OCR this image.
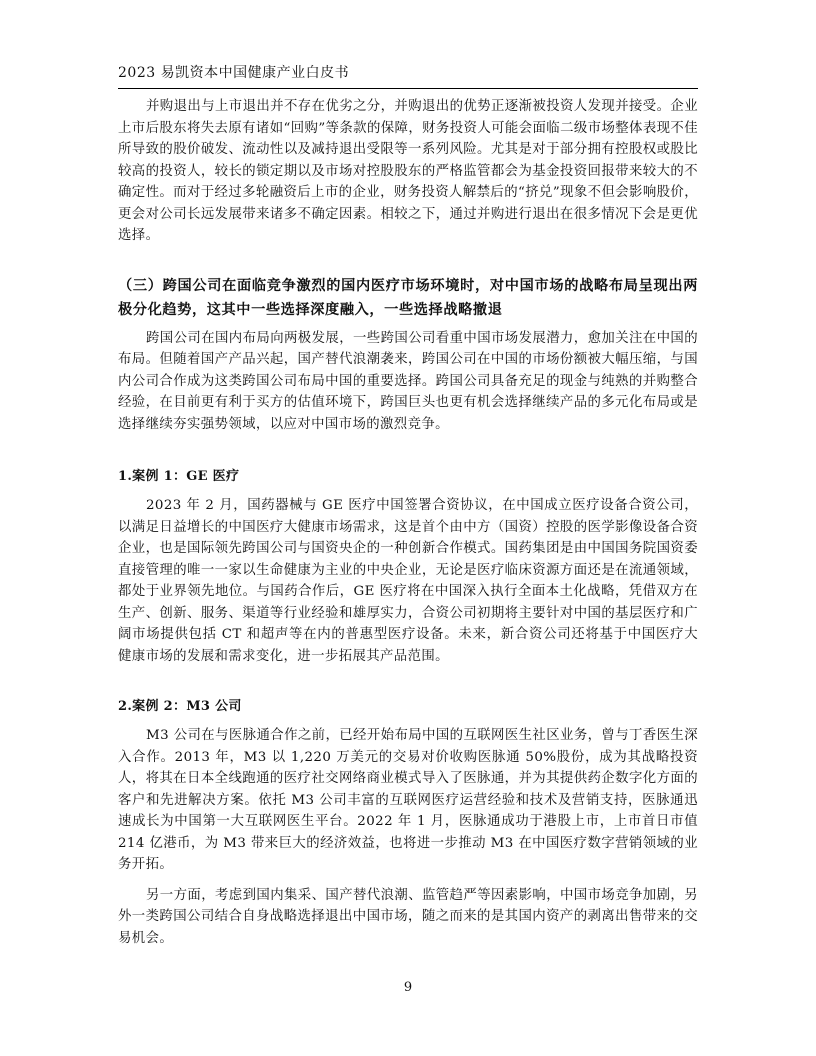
2023 易凯资本中国健康产业白皮书

并购退出与上市退出并不存在优劣之分，并购退出的优势正逐渐被投资人发现并接受。企业上市后股东将失去原有诸如“回购”等条款的保障，财务投资人可能会面临二级市场整体表现不佳所导致的股价破发、流动性以及减持退出受限等一系列风险。尤其是对于部分拥有控股权或股比较高的投资人，较长的锁定期以及市场对控股股东的严格监管都会为基金投资回报带来较大的不确定性。而对于经过多轮融资后上市的企业，财务投资人解禁后的“挤兑”现象不但会影响股价，更会对公司长远发展带来诸多不确定因素。相较之下，通过并购进行退出在很多情况下会是更优选择。

（三）跨国公司在面临竞争激烈的国内医疗市场环境时，对中国市场的战略布局呈现出两极分化趋势，这其中一些选择深度融入，一些选择战略撤退

跨国公司在国内布局向两极发展，一些跨国公司看重中国市场发展潜力，愈加关注在中国的布局。但随着国产产品兴起，国产替代浪潮袭来，跨国公司在中国的市场份额被大幅压缩，与国内公司合作成为这类跨国公司布局中国的重要选择。跨国公司具备充足的现金与纯熟的并购整合经验，在目前更有利于买方的估值环境下，跨国巨头也更有机会选择继续产品的多元化布局或是选择继续夯实强势领域，以应对中国市场的激烈竞争。

1.案例 1：GE 医疗

2023 年 2 月，国药器械与 GE 医疗中国签署合资协议，在中国成立医疗设备合资公司，以满足日益增长的中国医疗大健康市场需求，这是首个由中方（国资）控股的医学影像设备合资企业，也是国际领先跨国公司与国资央企的一种创新合作模式。国药集团是由中国国务院国资委直接管理的唯一一家以生命健康为主业的中央企业，无论是医疗临床资源方面还是在流通领域，都处于业界领先地位。与国药合作后，GE 医疗将在中国深入执行全面本土化战略，凭借双方在生产、创新、服务、渠道等行业经验和雄厚实力，合资公司初期将主要针对中国的基层医疗和广阔市场提供包括 CT 和超声等在内的普惠型医疗设备。未来，新合资公司还将基于中国医疗大健康市场的发展和需求变化，进一步拓展其产品范围。

2.案例 2：M3 公司

M3 公司在与医脉通合作之前，已经开始布局中国的互联网医生社区业务，曾与丁香医生深入合作。2013 年，M3 以 1,220 万美元的交易对价收购医脉通 50%股份，成为其战略投资人，将其在日本全线跑通的医疗社交网络商业模式导入了医脉通，并为其提供药企数字化方面的客户和先进解决方案。依托 M3 公司丰富的互联网医疗运营经验和技术及营销支持，医脉通迅速成长为中国第一大互联网医生平台。2022 年 1 月，医脉通成功于港股上市，上市首日市值 214 亿港币，为 M3 带来巨大的经济效益，也将进一步推动 M3 在中国医疗数字营销领域的业务开拓。

另一方面，考虑到国内集采、国产替代浪潮、监管趋严等因素影响，中国市场竞争加剧，另外一类跨国公司结合自身战略选择退出中国市场，随之而来的是其国内资产的剥离出售带来的交易机会。

9
